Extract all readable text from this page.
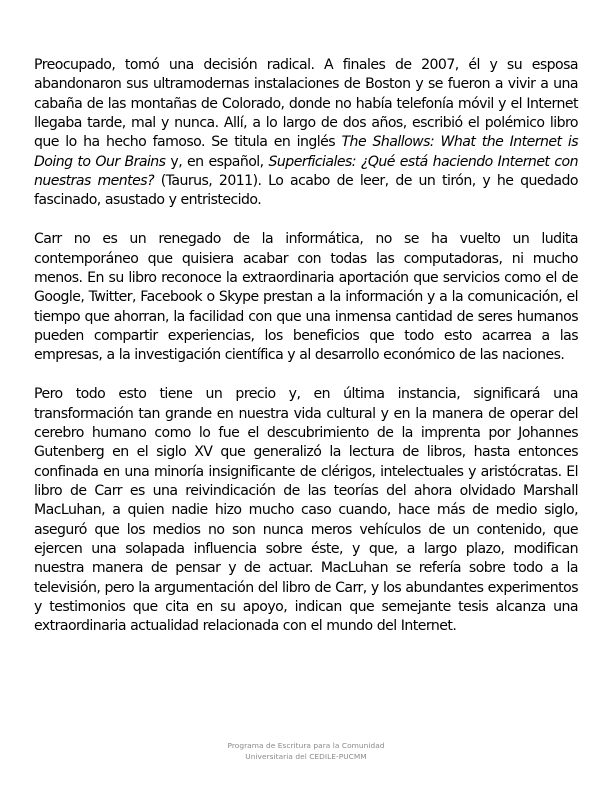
Preocupado, tomó una decisión radical. A finales de 2007, él y su esposa abandonaron sus ultramodernas instalaciones de Boston y se fueron a vivir a una cabaña de las montañas de Colorado, donde no había telefonía móvil y el Internet llegaba tarde, mal y nunca. Allí, a lo largo de dos años, escribió el polémico libro que lo ha hecho famoso. Se titula en inglés The Shallows: What the Internet is Doing to Our Brains y, en español, Superficiales: ¿Qué está haciendo Internet con nuestras mentes? (Taurus, 2011). Lo acabo de leer, de un tirón, y he quedado fascinado, asustado y entristecido.

Carr no es un renegado de la informática, no se ha vuelto un ludita contemporáneo que quisiera acabar con todas las computadoras, ni mucho menos. En su libro reconoce la extraordinaria aportación que servicios como el de Google, Twitter, Facebook o Skype prestan a la información y a la comunicación, el tiempo que ahorran, la facilidad con que una inmensa cantidad de seres humanos pueden compartir experiencias, los beneficios que todo esto acarrea a las empresas, a la investigación científica y al desarrollo económico de las naciones.

Pero todo esto tiene un precio y, en última instancia, significará una transformación tan grande en nuestra vida cultural y en la manera de operar del cerebro humano como lo fue el descubrimiento de la imprenta por Johannes Gutenberg en el siglo XV que generalizó la lectura de libros, hasta entonces confinada en una minoría insignificante de clérigos, intelectuales y aristócratas. El libro de Carr es una reivindicación de las teorías del ahora olvidado Marshall MacLuhan, a quien nadie hizo mucho caso cuando, hace más de medio siglo, aseguró que los medios no son nunca meros vehículos de un contenido, que ejercen una solapada influencia sobre éste, y que, a largo plazo, modifican nuestra manera de pensar y de actuar. MacLuhan se refería sobre todo a la televisión, pero la argumentación del libro de Carr, y los abundantes experimentos y testimonios que cita en su apoyo, indican que semejante tesis alcanza una extraordinaria actualidad relacionada con el mundo del Internet.

Programa de Escritura para la Comunidad
Universitaria del CEDILE-PUCMM
